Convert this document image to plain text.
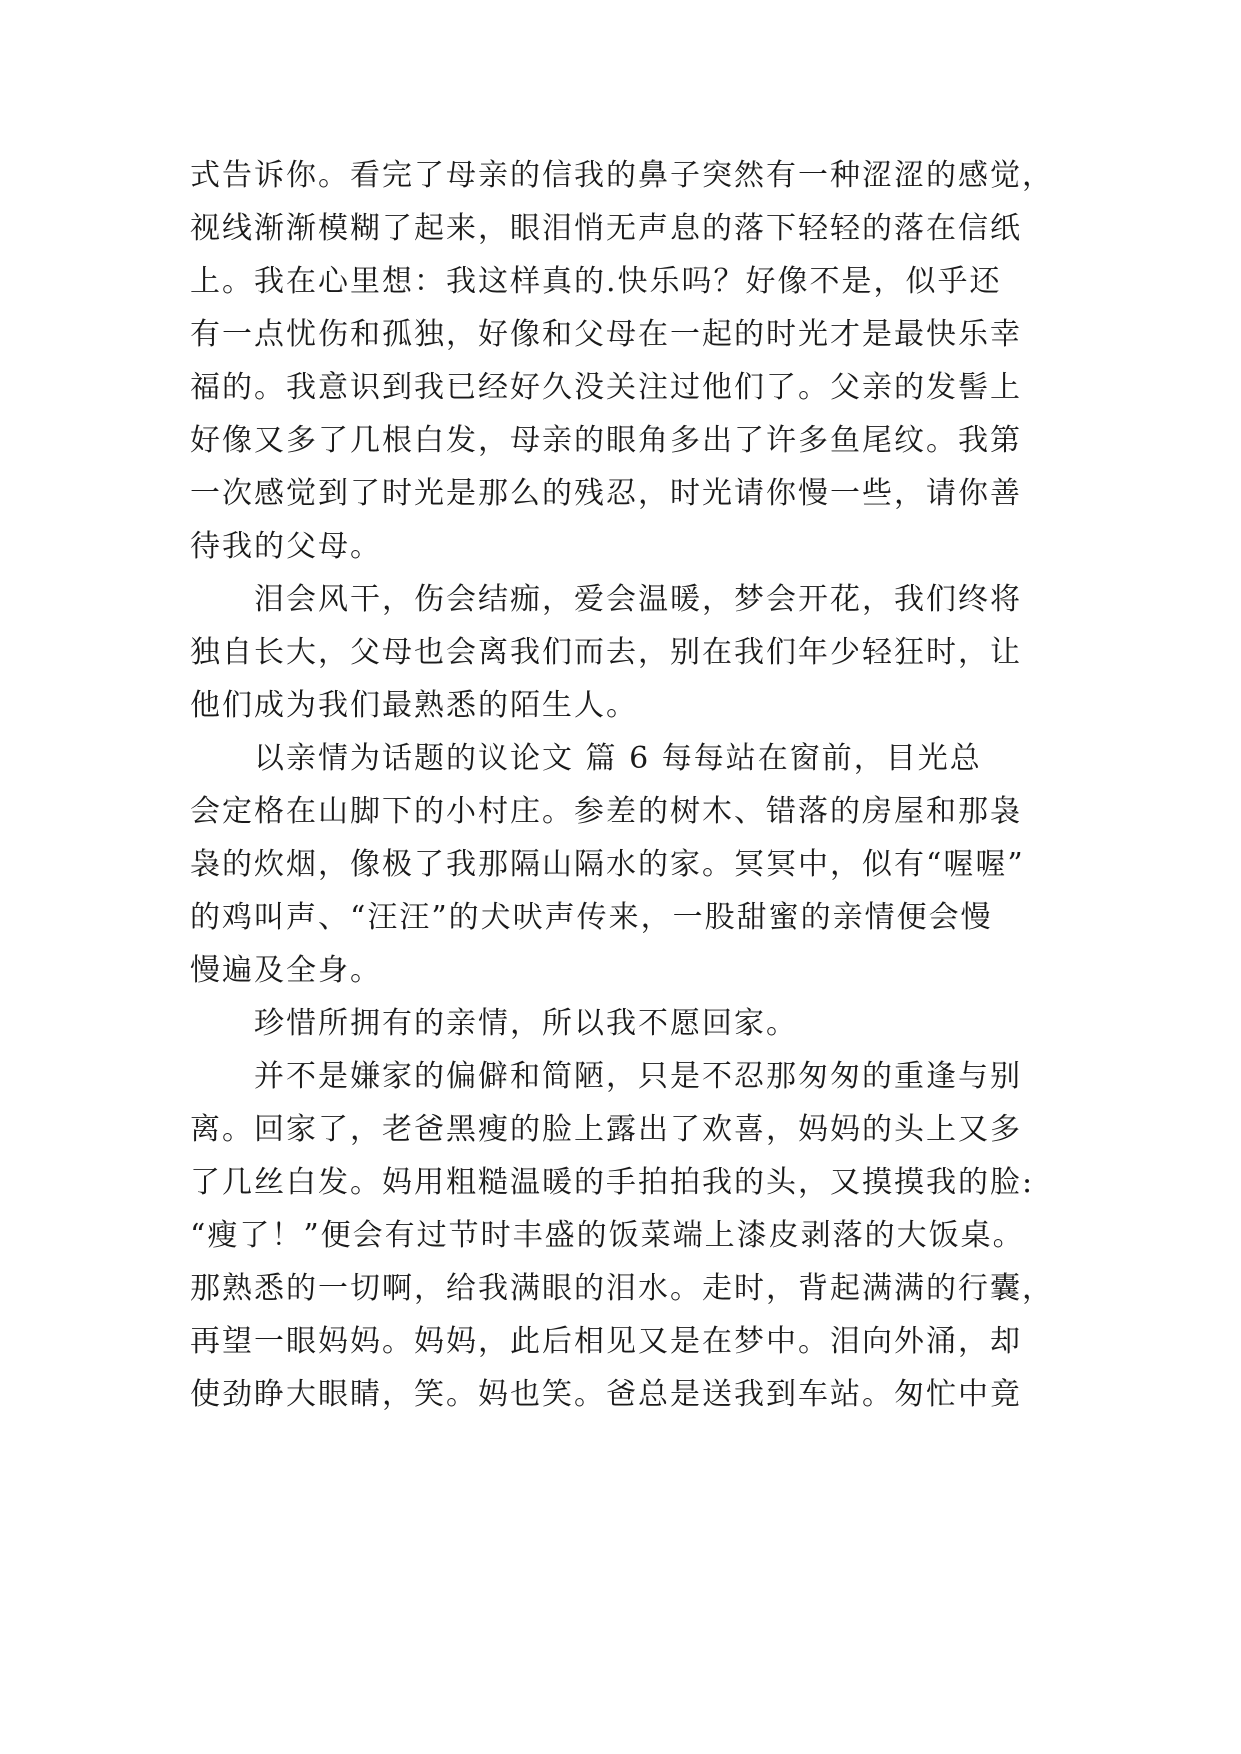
式告诉你。看完了母亲的信我的鼻子突然有一种涩涩的感觉，
视线渐渐模糊了起来，眼泪悄无声息的落下轻轻的落在信纸
上。我在心里想：我这样真的.快乐吗？好像不是，似乎还
有一点忧伤和孤独，好像和父母在一起的时光才是最快乐幸
福的。我意识到我已经好久没关注过他们了。父亲的发髻上
好像又多了几根白发，母亲的眼角多出了许多鱼尾纹。我第
一次感觉到了时光是那么的残忍，时光请你慢一些，请你善
待我的父母。
泪会风干，伤会结痂，爱会温暖，梦会开花，我们终将
独自长大，父母也会离我们而去，别在我们年少轻狂时，让
他们成为我们最熟悉的陌生人。
以亲情为话题的议论文 篇 6 每每站在窗前，目光总
会定格在山脚下的小村庄。参差的树木、错落的房屋和那袅
袅的炊烟，像极了我那隔山隔水的家。冥冥中，似有“喔喔”
的鸡叫声、“汪汪”的犬吠声传来，一股甜蜜的亲情便会慢
慢遍及全身。
珍惜所拥有的亲情，所以我不愿回家。
并不是嫌家的偏僻和简陋，只是不忍那匆匆的重逢与别
离。回家了，老爸黑瘦的脸上露出了欢喜，妈妈的头上又多
了几丝白发。妈用粗糙温暖的手拍拍我的头，又摸摸我的脸:
“瘦了！”便会有过节时丰盛的饭菜端上漆皮剥落的大饭桌。
那熟悉的一切啊，给我满眼的泪水。走时，背起满满的行囊，
再望一眼妈妈。妈妈，此后相见又是在梦中。泪向外涌，却
使劲睁大眼睛，笑。妈也笑。爸总是送我到车站。匆忙中竟
